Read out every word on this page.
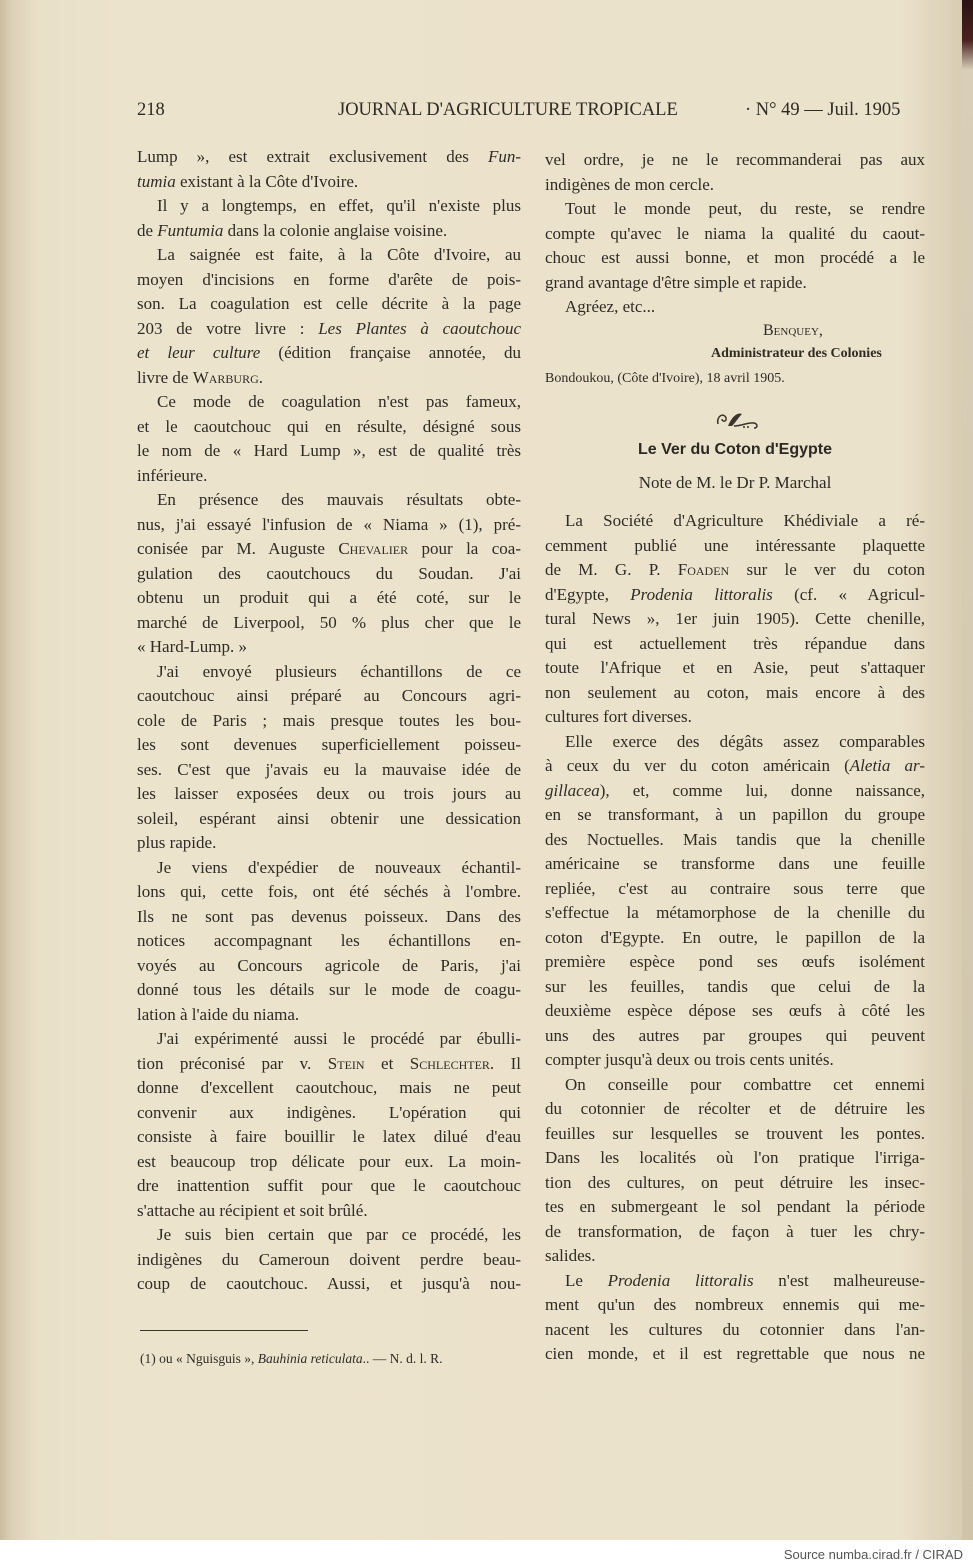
218	JOURNAL D'AGRICULTURE TROPICALE	· N° 49 — Juil. 1905
Lump », est extrait exclusivement des Fun-
tumia existant à la Côte d'Ivoire.
Il y a longtemps, en effet, qu'il n'existe plus
de Funtumia dans la colonie anglaise voisine.
La saignée est faite, à la Côte d'Ivoire, au
moyen d'incisions en forme d'arête de pois-
son. La coagulation est celle décrite à la page
203 de votre livre : Les Plantes à caoutchouc
et leur culture (édition française annotée, du
livre de Warburg.
Ce mode de coagulation n'est pas fameux,
et le caoutchouc qui en résulte, désigné sous
le nom de « Hard Lump », est de qualité très
inférieure.
En présence des mauvais résultats obte-
nus, j'ai essayé l'infusion de « Niama » (1), pré-
conisée par M. Auguste Chevalier pour la coa-
gulation des caoutchoucs du Soudan. J'ai
obtenu un produit qui a été coté, sur le
marché de Liverpool, 50 % plus cher que le
« Hard-Lump. »
J'ai envoyé plusieurs échantillons de ce
caoutchouc ainsi préparé au Concours agri-
cole de Paris ; mais presque toutes les bou-
les sont devenues superficiellement poisseu-
ses. C'est que j'avais eu la mauvaise idée de
les laisser exposées deux ou trois jours au
soleil, espérant ainsi obtenir une dessication
plus rapide.
Je viens d'expédier de nouveaux échantil-
lons qui, cette fois, ont été séchés à l'ombre.
Ils ne sont pas devenus poisseux. Dans des
notices accompagnant les échantillons en-
voyés au Concours agricole de Paris, j'ai
donné tous les détails sur le mode de coagu-
lation à l'aide du niama.
J'ai expérimenté aussi le procédé par ébulli-
tion préconisé par v. Stein et Schlechter. Il
donne d'excellent caoutchouc, mais ne peut
convenir aux indigènes. L'opération qui
consiste à faire bouillir le latex dilué d'eau
est beaucoup trop délicate pour eux. La moin-
dre inattention suffit pour que le caoutchouc
s'attache au récipient et soit brûlé.
Je suis bien certain que par ce procédé, les
indigènes du Cameroun doivent perdre beau-
coup de caoutchouc. Aussi, et jusqu'à nou-
vel ordre, je ne le recommanderai pas aux
indigènes de mon cercle.
Tout le monde peut, du reste, se rendre
compte qu'avec le niama la qualité du caout-
chouc est aussi bonne, et mon procédé a le
grand avantage d'être simple et rapide.
Agréez, etc...
Benquey,
Administrateur des Colonies
Bondoukou, (Côte d'Ivoire), 18 avril 1905.
Le Ver du Coton d'Egypte
Note de M. le Dr P. Marchal
La Société d'Agriculture Khédiviale a ré-
cemment publié une intéressante plaquette
de M. G. P. Foaden sur le ver du coton
d'Egypte, Prodenia littoralis (cf. « Agricul-
tural News », 1er juin 1905). Cette chenille,
qui est actuellement très répandue dans
toute l'Afrique et en Asie, peut s'attaquer
non seulement au coton, mais encore à des
cultures fort diverses.
Elle exerce des dégâts assez comparables
à ceux du ver du coton américain (Aletia ar-
gillacea), et, comme lui, donne naissance,
en se transformant, à un papillon du groupe
des Noctuelles. Mais tandis que la chenille
américaine se transforme dans une feuille
repliée, c'est au contraire sous terre que
s'effectue la métamorphose de la chenille du
coton d'Egypte. En outre, le papillon de la
première espèce pond ses œufs isolément
sur les feuilles, tandis que celui de la
deuxième espèce dépose ses œufs à côté les
uns des autres par groupes qui peuvent
compter jusqu'à deux ou trois cents unités.
On conseille pour combattre cet ennemi
du cotonnier de récolter et de détruire les
feuilles sur lesquelles se trouvent les pontes.
Dans les localités où l'on pratique l'irriga-
tion des cultures, on peut détruire les insec-
tes en submergeant le sol pendant la période
de transformation, de façon à tuer les chry-
salides.
Le Prodenia littoralis n'est malheureuse-
ment qu'un des nombreux ennemis qui me-
nacent les cultures du cotonnier dans l'an-
cien monde, et il est regrettable que nous ne
(1) ou « Nguisguis », Bauhinia reticulata.. — N. d. l. R.
Source numba.cirad.fr / CIRAD
